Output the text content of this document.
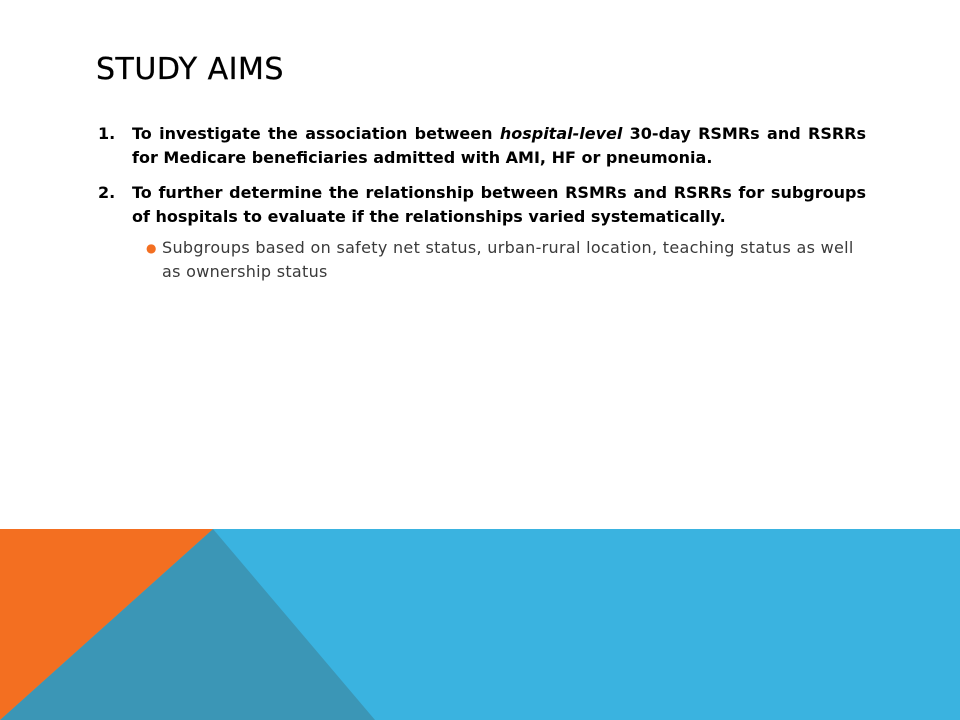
STUDY AIMS
1. To investigate the association between hospital-level 30-day RSMRs and RSRRs for Medicare beneficiaries admitted with AMI, HF or pneumonia.
2. To further determine the relationship between RSMRs and RSRRs for subgroups of hospitals to evaluate if the relationships varied systematically.
● Subgroups based on safety net status, urban-rural location, teaching status as well as ownership status
